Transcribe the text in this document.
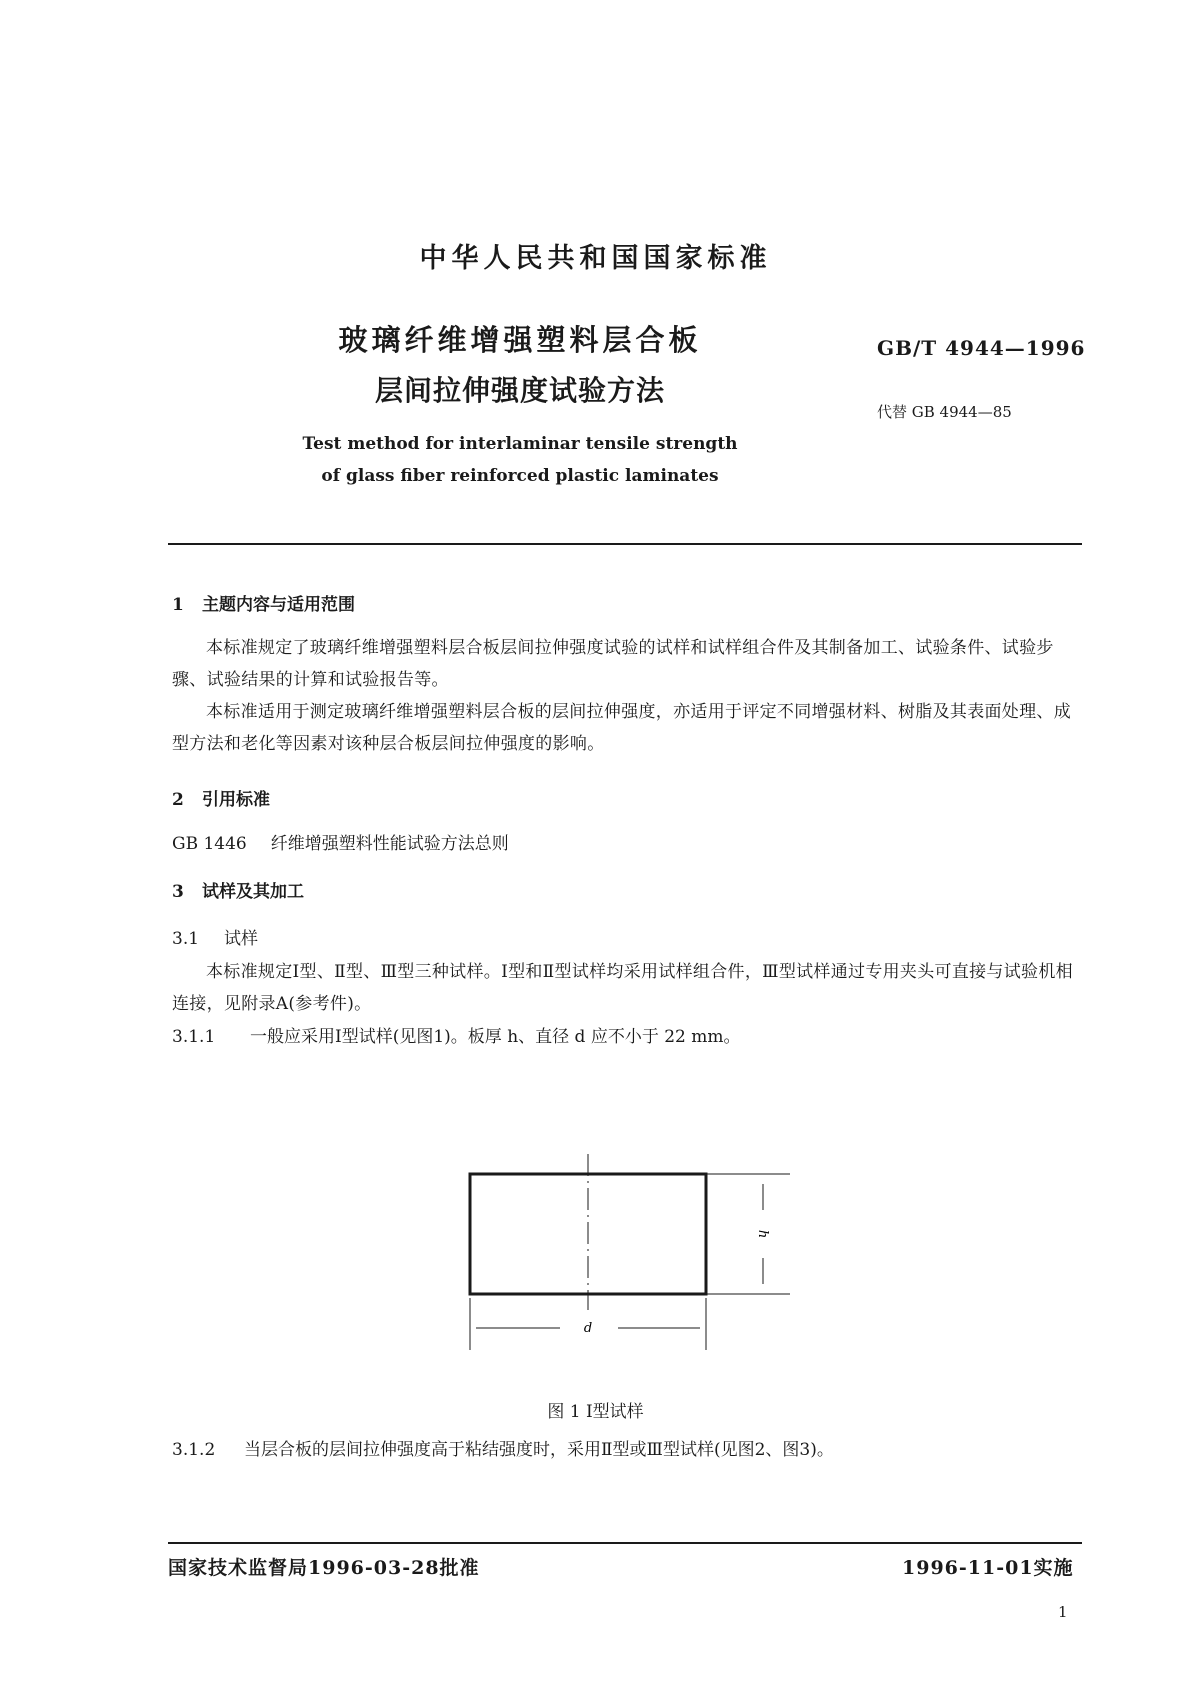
中华人民共和国国家标准
玻璃纤维增强塑料层合板
层间拉伸强度试验方法
GB/T 4944—1996
代替 GB 4944—85
Test method for interlaminar tensile strength
of glass fiber reinforced plastic laminates
1 主题内容与适用范围
本标准规定了玻璃纤维增强塑料层合板层间拉伸强度试验的试样和试样组合件及其制备加工、试验条件、试验步骤、试验结果的计算和试验报告等。
本标准适用于测定玻璃纤维增强塑料层合板的层间拉伸强度，亦适用于评定不同增强材料、树脂及其表面处理、成型方法和老化等因素对该种层合板层间拉伸强度的影响。
2 引用标准
GB 1446 纤维增强塑料性能试验方法总则
3 试样及其加工
3.1 试样
本标准规定Ⅰ型、Ⅱ型、Ⅲ型三种试样。Ⅰ型和Ⅱ型试样均采用试样组合件，Ⅲ型试样通过专用夹头可直接与试验机相连接，见附录A(参考件)。
3.1.1 一般应采用Ⅰ型试样(见图1)。板厚 h、直径 d 应不小于 22 mm。
h
d
图 1 Ⅰ型试样
3.1.2 当层合板的层间拉伸强度高于粘结强度时，采用Ⅱ型或Ⅲ型试样(见图2、图3)。
国家技术监督局1996-03-28批准	1996-11-01实施
1
